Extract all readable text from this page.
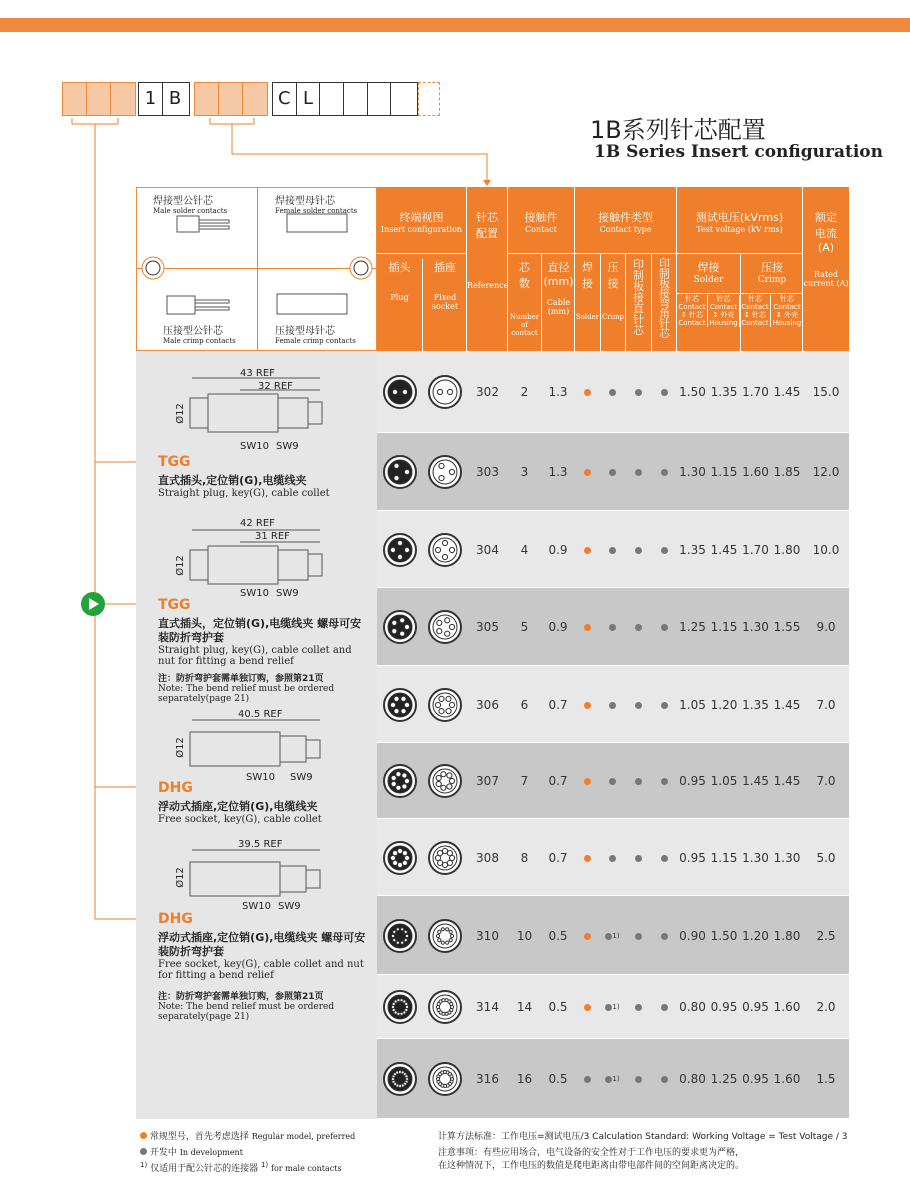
1 B	C L
1B系列针芯配置
1B Series Insert configuration
焊接型公针芯
Male solder contacts
焊接型母针芯
Female solder contacts
压接型公针芯
Male crimp contacts
压接型母针芯
Female crimp contacts
终端视图
Insert configuration
插头
Plug
插座
Fixed socket
针芯配置
Reference
接触件
Contact
芯数
Number of contact
直径(mm)
Cable (mm)
接触件类型
Contact type
焊接
Solder
压接
Crimp
印制板接直针芯
印制板接弯角针芯
测试电压(kVrms)
Test voltage (kV rms)
焊接
Solder
压接
Crimp
针芯 Contact ↕ 针芯 Contact
针芯 Contact ↕ 外壳 Housing
针芯 Contact ↕ 针芯 Contact
针芯 Contact ↕ 外壳 Housing
额定电流(A)
Rated current (A)
43 REF
32 REF
Ø12
SW10 SW9
TGG
直式插头,定位销(G),电缆线夹
Straight plug, key(G), cable collet
42 REF
31 REF
Ø12
SW10 SW9
TGG
直式插头，定位销(G),电缆线夹 螺母可安装防折弯护套
Straight plug, key(G), cable collet and nut for fitting a bend relief
注：防折弯护套需单独订购，参照第21页
Note: The bend relief must be ordered separately(page 21)
40.5 REF
Ø12
SW10 SW9
DHG
浮动式插座,定位销(G),电缆线夹
Free socket, key(G), cable collet
39.5 REF
Ø12
SW10 SW9
DHG
浮动式插座,定位销(G),电缆线夹 螺母可安装防折弯护套
Free socket, key(G), cable collet and nut for fitting a bend relief
注：防折弯护套需单独订购，参照第21页
Note: The bend relief must be ordered separately(page 21)
302	2	1.3	1.50 1.35 1.70 1.45	15.0
303	3	1.3	1.30 1.15 1.60 1.85	12.0
304	4	0.9	1.35 1.45 1.70 1.80	10.0
305	5	0.9	1.25 1.15 1.30 1.55	9.0
306	6	0.7	1.05 1.20 1.35 1.45	7.0
307	7	0.7	0.95 1.05 1.45 1.45	7.0
308	8	0.7	0.95 1.15 1.30 1.30	5.0
310	10	0.5	$^{1)}$	0.90 1.50 1.20 1.80	2.5
314	14	0.5	$^{1)}$	0.80 0.95 0.95 1.60	2.0
316	16	0.5	$^{1)}$	0.80 1.25 0.95 1.60	1.5
常规型号，首先考虑选择 Regular model, preferred
开发中 In development
$^{1)}$ 仅适用于配公针芯的连接器 $^{1)}$ for male contacts
计算方法标准：工作电压=测试电压/3 Calculation Standard: Working Voltage = Test Voltage / 3
注意事项：有些应用场合，电气设备的安全性对于工作电压的要求更为严格，
在这种情况下，工作电压的数值是爬电距离由带电部件间的空间距离决定的。
